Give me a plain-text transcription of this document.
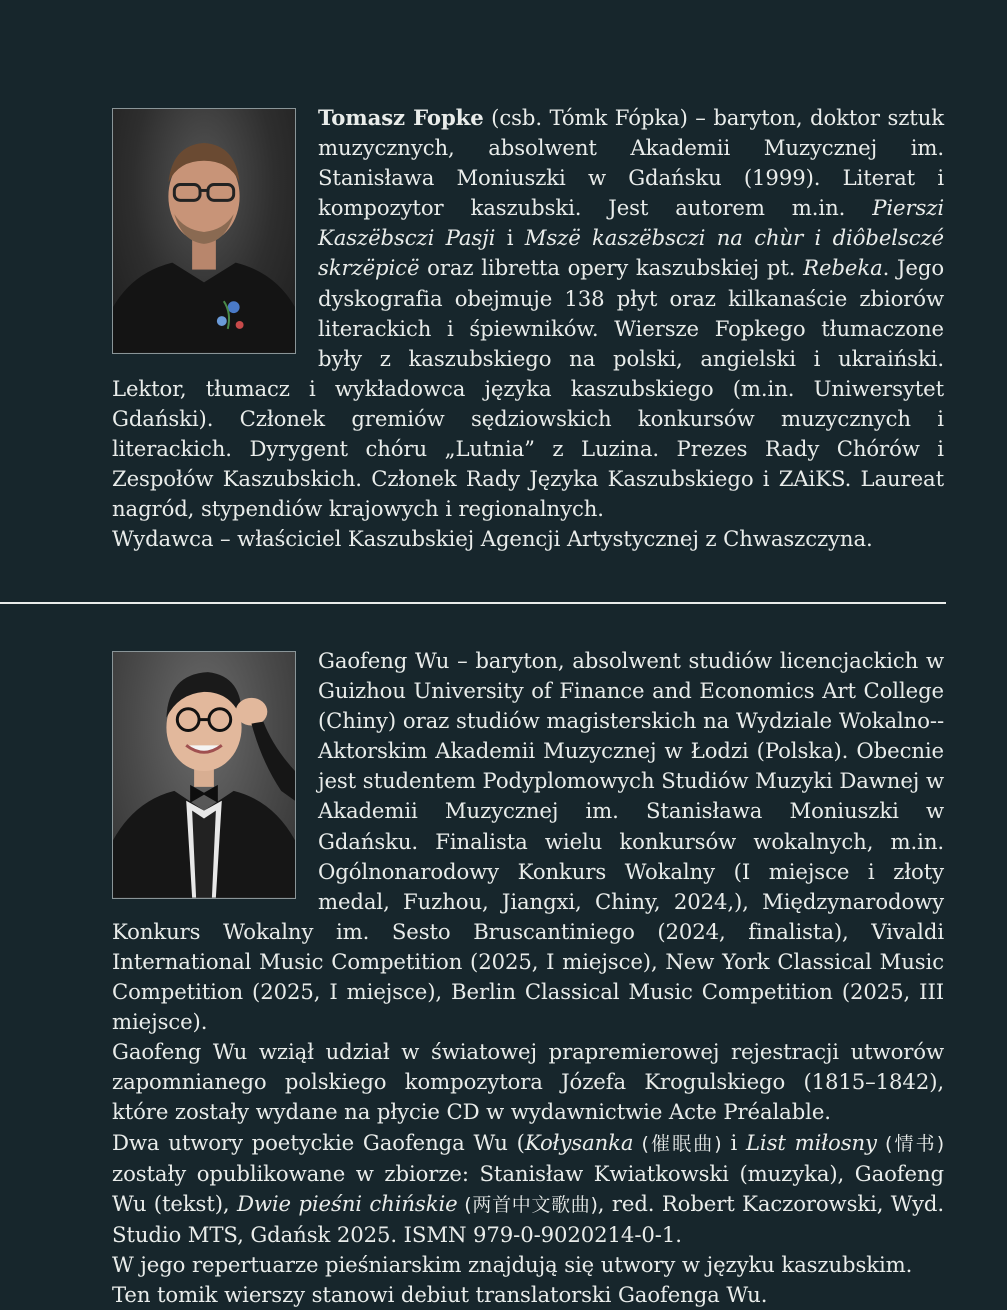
Tomasz Fopke (csb. Tómk Fópka) – baryton, doktor sztuk muzycznych, absolwent Akademii Muzycznej im. Stanisława Moniuszki w Gdańsku (1999). Literat i kompozytor kaszubski. Jest autorem m.in. Pierszi Kaszëbsczi Pasji i Mszë kaszëbsczi na chùr i diôbelsczé skrzëpicë oraz libretta opery kaszubskiej pt. Rebeka. Jego dyskografia obejmuje 138 płyt oraz kilkanaście zbiorów literackich i śpiewników. Wiersze Fopkego tłumaczone były z kaszubskiego na polski, angielski i ukraiński. Lektor, tłumacz i wykładowca języka kaszubskiego (m.in. Uniwersytet Gdański). Członek gremiów sędziowskich konkursów muzycznych i literackich. Dyrygent chóru „Lutnia” z Luzina. Prezes Rady Chórów i Zespołów Kaszubskich. Członek Rady Języka Kaszubskiego i ZAiKS. Laureat nagród, stypendiów krajowych i regionalnych.

Wydawca – właściciel Kaszubskiej Agencji Artystycznej z Chwaszczyna.

Gaofeng Wu – baryton, absolwent studiów licencjackich w Guizhou University of Finance and Economics Art College (Chiny) oraz studiów magisterskich na Wydziale Wokalno--Aktorskim Akademii Muzycznej w Łodzi (Polska). Obecnie jest studentem Podyplomowych Studiów Muzyki Dawnej w Akademii Muzycznej im. Stanisława Moniuszki w Gdańsku. Finalista wielu konkursów wokalnych, m.in. Ogólnonarodowy Konkurs Wokalny (I miejsce i złoty medal, Fuzhou, Jiangxi, Chiny, 2024,), Międzynarodowy Konkurs Wokalny im. Sesto Bruscantiniego (2024, finalista), Vivaldi International Music Competition (2025, I miejsce), New York Classical Music Competition (2025, I miejsce), Berlin Classical Music Competition (2025, III miejsce).

Gaofeng Wu wziął udział w światowej prapremierowej rejestracji utworów zapomnianego polskiego kompozytora Józefa Krogulskiego (1815–1842), które zostały wydane na płycie CD w wydawnictwie Acte Préalable.

Dwa utwory poetyckie Gaofenga Wu (Kołysanka (催眠曲) i List miłosny (情书) zostały opublikowane w zbiorze: Stanisław Kwiatkowski (muzyka), Gaofeng Wu (tekst), Dwie pieśni chińskie (两首中文歌曲), red. Robert Kaczorowski, Wyd. Studio MTS, Gdańsk 2025. ISMN 979-0-9020214-0-1.

W jego repertuarze pieśniarskim znajdują się utwory w języku kaszubskim. Ten tomik wierszy stanowi debiut translatorski Gaofenga Wu.
